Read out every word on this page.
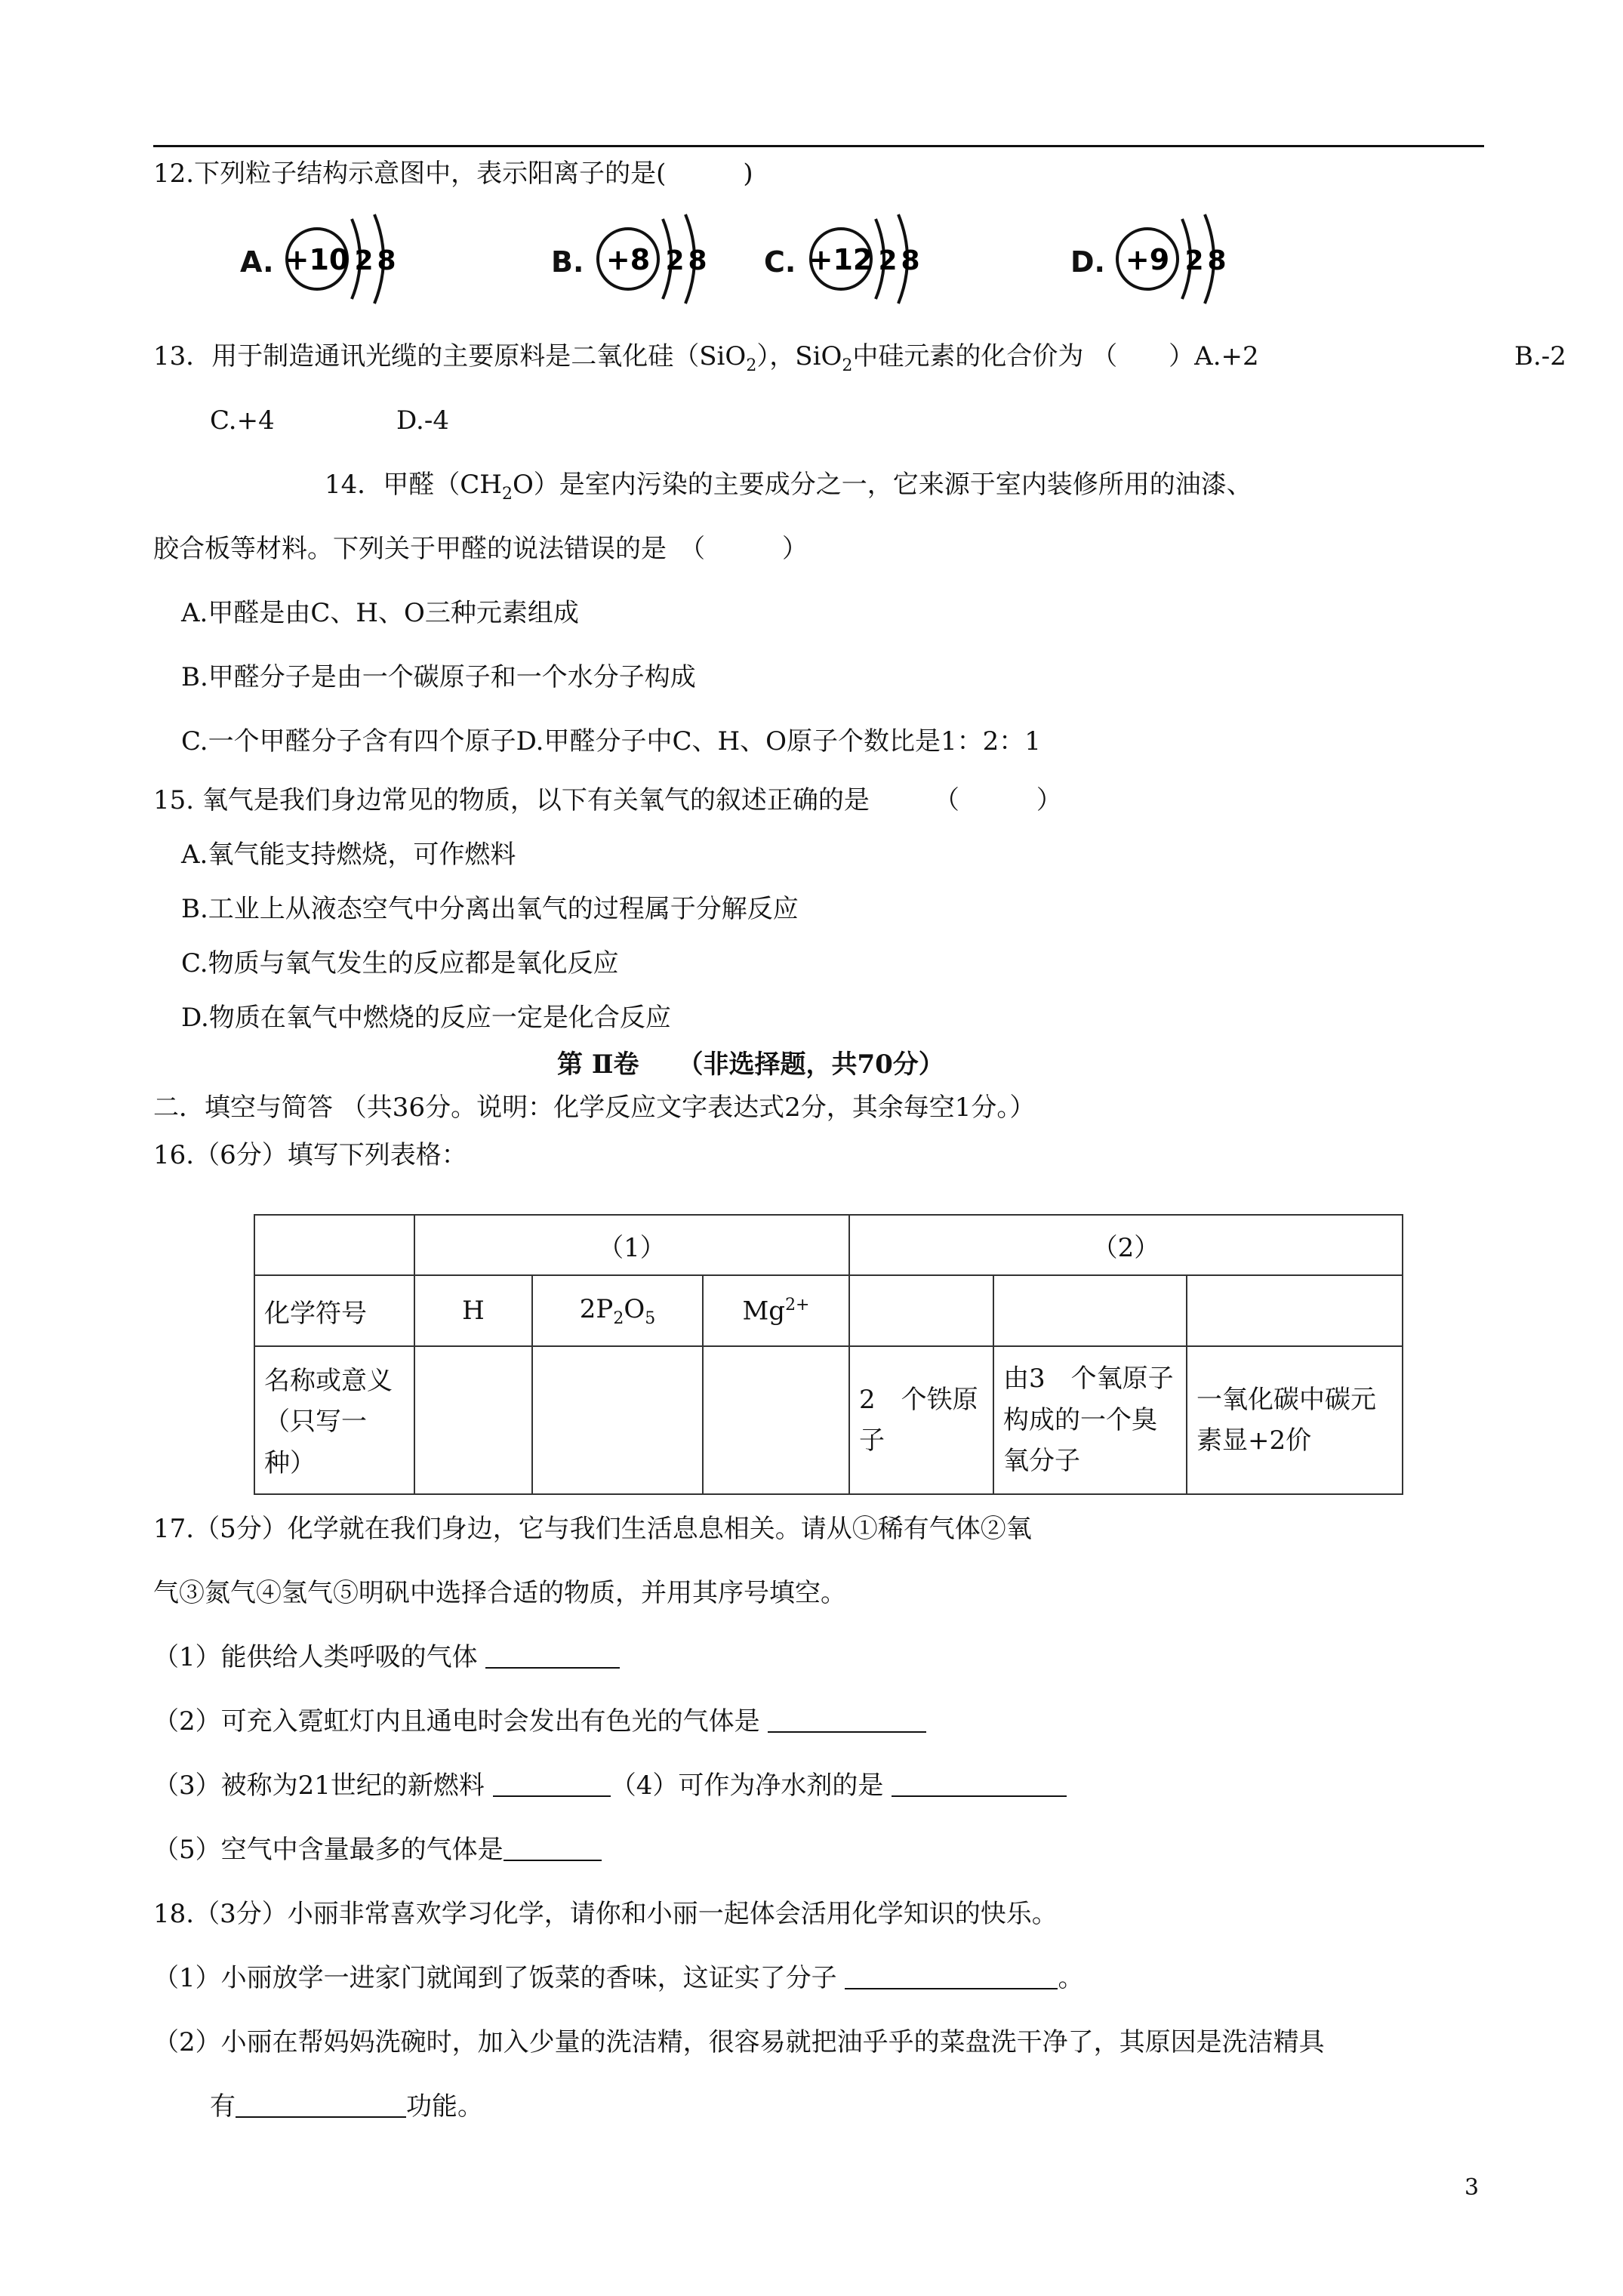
12.下列粒子结构示意图中，表示阳离子的是(　　　)
A. +10 2 8	B. +8 2 8 C. +12 2 8	D. +9 2 8
13．用于制造通讯光缆的主要原料是二氧化硅（SiO$_2$），SiO$_2$中硅元素的化合价为 （　　）A.+2	B.-2
C.+4	D.-4
14．甲醛$(CH_2O)$是室内污染的主要成分之一，它来源于室内装修所用的油漆、
胶合板等材料。下列关于甲醛的说法错误的是　（　　　）
A.甲醛是由C、H、O三种元素组成
B.甲醛分子是由一个碳原子和一个水分子构成
C.一个甲醛分子含有四个原子D.甲醛分子中C、H、O原子个数比是1：2：1
15. 氧气是我们身边常见的物质，以下有关氧气的叙述正确的是　　　（　　　）
A.氧气能支持燃烧，可作燃料
B.工业上从液态空气中分离出氧气的过程属于分解反应
C.物质与氧气发生的反应都是氧化反应
D.物质在氧气中燃烧的反应一定是化合反应
第 Ⅱ卷　　（非选择题，共70分）
二．填空与简答 （共36分。说明：化学反应文字表达式2分，其余每空1分。）
16.（6分）填写下列表格：
	（1）			（2）		
化学符号	H	$2P_2O_5$	$Mg^{2+}$			
名称或意义（只写一种）				2　个铁原子	由3　个氧原子构成的一个臭氧分子	一氧化碳中碳元素显+2价
17.（5分）化学就在我们身边，它与我们生活息息相关。请从①稀有气体②氧
气③氮气④氢气⑤明矾中选择合适的物质，并用其序号填空。
（1）能供给人类呼吸的气体
（2）可充入霓虹灯内且通电时会发出有色光的气体是
（3）被称为21世纪的新燃料	（4）可作为净水剂的是
（5）空气中含量最多的气体是
18.（3分）小丽非常喜欢学习化学，请你和小丽一起体会活用化学知识的快乐。
（1）小丽放学一进家门就闻到了饭菜的香味，这证实了分子	。
（2）小丽在帮妈妈洗碗时，加入少量的洗洁精，很容易就把油乎乎的菜盘洗干净了，其原因是洗洁精具
有	功能。
3
